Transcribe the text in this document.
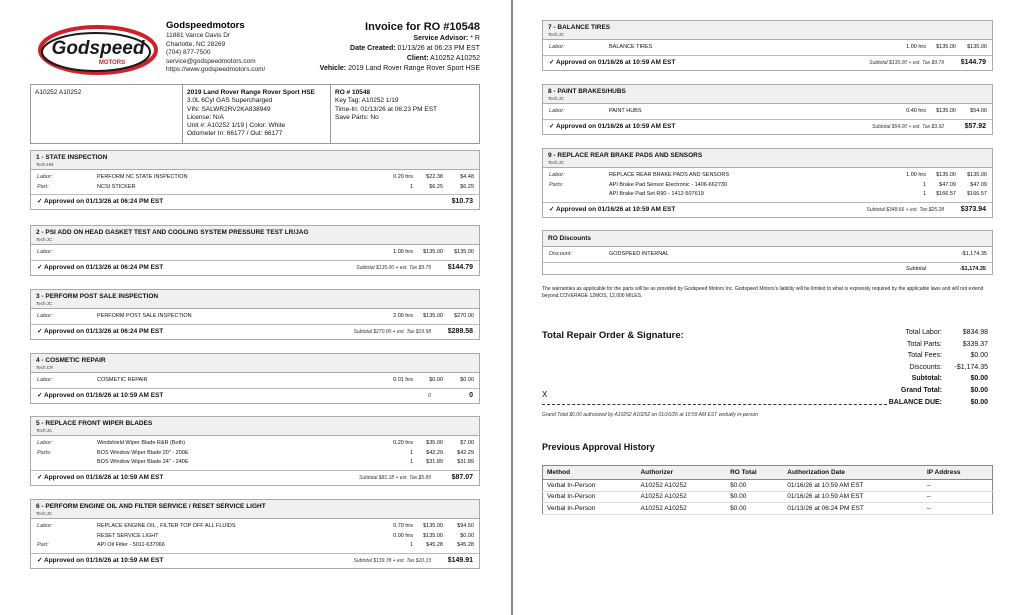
Godspeed
MOTORS
Godspeedmotors
11881 Vance Davis Dr
Charlotte, NC 28269
(704) 877-7500
service@godspeedmotors.com
https://www.godspeedmotors.com/
Invoice for RO #10548
Service Advisor: * R
Date Created: 01/13/26 at 06:23 PM EST
Client: A10252 A10252
Vehicle: 2019 Land Rover Range Rover Sport HSE
A10252 A10252	2019 Land Rover Range Rover Sport HSE
3.0L 6Cyl GAS Supercharged
VIN: SALWR2RV2KA838949
License: N/A
Unit #: A10252 1/19 | Color: White
Odometer In: 66177 / Out: 66177
RO # 10548
Key Tag: A10252 1/19
Time-In: 01/13/26 at 06:23 PM EST
Save Parts: No
1 - STATE INSPECTION
Tech:HN
Labor:	PERFORM NC STATE INSPECTION	0.20 hrs $22.38	$4.48
Part:	NCSI STICKER	1	$6.25	$6.25
✓ Approved on 01/13/26 at 06:24 PM EST	$10.73
2 - PSI ADD ON HEAD GASKET TEST AND COOLING SYSTEM PRESSURE TEST LR/JAG
Tech:JC
Labor:	1.00 hrs $135.00 $135.00
✓ Approved on 01/13/26 at 06:24 PM EST	Subtotal $135.00 + est. Tax $9.79 $144.79
3 - PERFORM POST SALE INSPECTION
Tech:JC
Labor:	PERFORM POST SALE INSPECTION	2.00 hrs $135.00 $270.00
✓ Approved on 01/13/26 at 06:24 PM EST	Subtotal $270.00 + est. Tax $19.58 $289.58
4 - COSMETIC REPAIR
Tech:CR
Labor:	COSMETIC REPAIR	0.01 hrs	$0.00	$0.00
✓ Approved on 01/16/26 at 10:59 AM EST	0	0
5 - REPLACE FRONT WIPER BLADES
Tech:JC
Labor:	Windshield Wiper Blade R&R (Both)	0.20 hrs $35.00	$7.00
Parts:	BOS Window Wiper Blade 20" - 200E	1 $42.29	$42.29
BOS Window Wiper Blade 24" - 240E	1 $31.89	$31.89
✓ Approved on 01/16/26 at 10:59 AM EST	Subtotal $81.18 + est. Tax $5.89	$87.07
6 - PERFORM ENGINE OIL AND FILTER SERVICE / RESET SERVICE LIGHT
Tech:JC
Labor:	REPLACE ENGINE OIL , FILTER TOP OFF ALL FLUIDS	0.70 hrs $135.00	$94.50
RESET SERVICE LIGHT	0.00 hrs $135.00	$0.00
Part:	API Oil Filter - 5011-637066	1 $45.28	$45.28
✓ Approved on 01/16/26 at 10:59 AM EST	Subtotal $139.78 + est. Tax $10.13 $149.91
7 - BALANCE TIRES
Tech:JC
Labor:	BALANCE TIRES	1.00 hrs $135.00 $135.00
✓ Approved on 01/16/26 at 10:59 AM EST	Subtotal $135.00 + est. Tax $9.79 $144.79
8 - PAINT BRAKES/HUBS
Tech:JC
Labor:	PAINT HUBS	0.40 hrs $135.00	$54.00
✓ Approved on 01/16/26 at 10:59 AM EST	Subtotal $54.00 + est. Tax $3.92	$57.92
9 - REPLACE REAR BRAKE PADS AND SENSORS
Tech:JC
Labor:	REPLACE REAR BRAKE PADS AND SENSORS	1.00 hrs $135.00 $135.00
Parts:	API Brake Pad Sensor Electronic - 1406-662730	1 $47.09	$47.09
API Brake Pad Set R90 - 1412-507619	1 $166.57 $166.57
✓ Approved on 01/16/26 at 10:59 AM EST	Subtotal $348.66 + est. Tax $25.28 $373.94
RO Discounts
Discount:	GODSPEED INTERNAL	-$1,174.35
Subtotal	-$1,174.35
The warranties as applicable for the parts will be as provided by Godspeed Motors Inc. Godspeed Motors's liability will be limited to what is expressly required by the applicable laws and will not extend beyond.COVERAGE 12MOS, 12,000 MILES.
Total Repair Order & Signature:	Total Labor:	$834.98
Total Parts:	$339.37
Total Fees:	$0.00
Discounts:	-$1,174.35
Subtotal:	$0.00
Grand Total:	$0.00
BALANCE DUE:	$0.00
X
Grand Total $0.00 authorized by A10252 A10252 on 01/16/26 at 10:59 AM EST verbally in-person
Previous Approval History
Method	Authorizer	RO Total	Authorization Date	IP Address
Verbal In-Person	A10252 A10252	$0.00	01/16/26 at 10:59 AM EST	–
Verbal In-Person	A10252 A10252	$0.00	01/16/26 at 10:59 AM EST	–
Verbal In-Person	A10252 A10252	$0.00	01/13/26 at 06:24 PM EST	–
